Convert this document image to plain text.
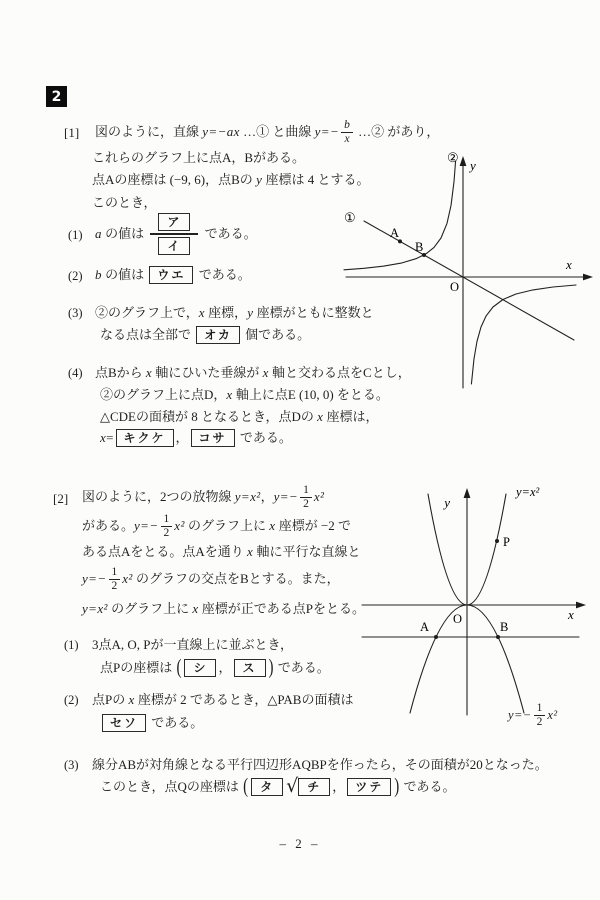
2
[1] 図のように，直線 y=−ax …① と曲線 $y=- \frac{b}{x}$ …② があり，
これらのグラフ上に点A，Bがある。
点Aの座標は (−9, 6)，点Bの y 座標は 4 とする。
このとき，
(1) a の値は
ア
イ
である。
(2) b の値は ウエ である。
(3) ②のグラフ上で， x 座標， y 座標がともに整数と
なる点は全部で オカ 個である。
(4) 点Bから x 軸にひいた垂線が x 軸と交わる点をCとし，
②のグラフ上に点D， x 軸上に点E (10, 0) をとる。
△CDEの面積が 8 となるとき，点Dの x 座標は，
x = キクケ ， コサ である。
②
y
①
A
B
O
x
[2] 図のように，2つの放物線 y=x² ， $y=- \frac{1}{2} x^2$
がある。 $y=- \frac{1}{2} x^2$ のグラフ上に x 座標が −2 で
ある点Aをとる。点Aを通り x 軸に平行な直線と
$y=- \frac{1}{2} x^2$ のグラフの交点をBとする。また，
y=x² のグラフ上に x 座標が正である点Pをとる。
(1) 3点A, O, Pが一直線上に並ぶとき，
点Pの座標は ( シ ， ス ) である。
(2) 点Pの x 座標が 2 であるとき，△PABの面積は
セソ である。
(3) 線分ABが対角線となる平行四辺形AQBPを作ったら，その面積が20となった。
このとき，点Qの座標は ( タ √ チ ， ツテ ) である。
y
x
O
y=x²
P
A	B
$y=- \frac{1}{2} x^2$
– 2 –
